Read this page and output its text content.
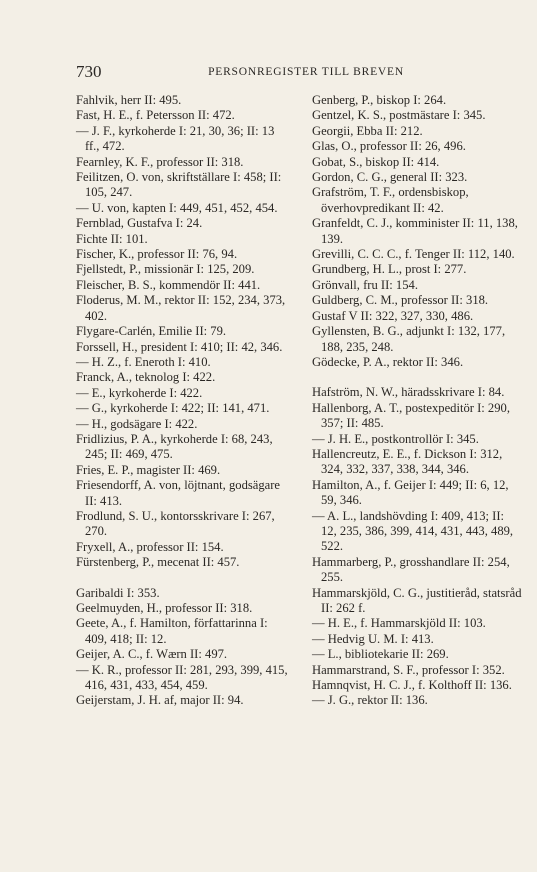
730	PERSONREGISTER TILL BREVEN
Fahlvik, herr II: 495.
Fast, H. E., f. Petersson II: 472.
— J. F., kyrkoherde I: 21, 30, 36; II: 13 ff., 472.
Fearnley, K. F., professor II: 318.
Feilitzen, O. von, skriftställare I: 458; II: 105, 247.
— U. von, kapten I: 449, 451, 452, 454.
Fernblad, Gustafva I: 24.
Fichte II: 101.
Fischer, K., professor II: 76, 94.
Fjellstedt, P., missionär I: 125, 209.
Fleischer, B. S., kommendör II: 441.
Floderus, M. M., rektor II: 152, 234, 373, 402.
Flygare-Carlén, Emilie II: 79.
Forssell, H., president I: 410; II: 42, 346.
— H. Z., f. Eneroth I: 410.
Franck, A., teknolog I: 422.
— E., kyrkoherde I: 422.
— G., kyrkoherde I: 422; II: 141, 471.
— H., godsägare I: 422.
Fridlizius, P. A., kyrkoherde I: 68, 243, 245; II: 469, 475.
Fries, E. P., magister II: 469.
Friesendorff, A. von, löjtnant, godsägare II: 413.
Frodlund, S. U., kontorsskrivare I: 267, 270.
Fryxell, A., professor II: 154.
Fürstenberg, P., mecenat II: 457.
Garibaldi I: 353.
Geelmuyden, H., professor II: 318.
Geete, A., f. Hamilton, författarinna I: 409, 418; II: 12.
Geijer, A. C., f. Wærn II: 497.
— K. R., professor II: 281, 293, 399, 415, 416, 431, 433, 454, 459.
Geijerstam, J. H. af, major II: 94.
Genberg, P., biskop I: 264.
Gentzel, K. S., postmästare I: 345.
Georgii, Ebba II: 212.
Glas, O., professor II: 26, 496.
Gobat, S., biskop II: 414.
Gordon, C. G., general II: 323.
Grafström, T. F., ordensbiskop, överhovpredikant II: 42.
Granfeldt, C. J., komminister II: 11, 138, 139.
Grevilli, C. C. C., f. Tenger II: 112, 140.
Grundberg, H. L., prost I: 277.
Grönvall, fru II: 154.
Guldberg, C. M., professor II: 318.
Gustaf V II: 322, 327, 330, 486.
Gyllensten, B. G., adjunkt I: 132, 177, 188, 235, 248.
Gödecke, P. A., rektor II: 346.
Hafström, N. W., häradsskrivare I: 84.
Hallenborg, A. T., postexpeditör I: 290, 357; II: 485.
— J. H. E., postkontrollör I: 345.
Hallencreutz, E. E., f. Dickson I: 312, 324, 332, 337, 338, 344, 346.
Hamilton, A., f. Geijer I: 449; II: 6, 12, 59, 346.
— A. L., landshövding I: 409, 413; II: 12, 235, 386, 399, 414, 431, 443, 489, 522.
Hammarberg, P., grosshandlare II: 254, 255.
Hammarskjöld, C. G., justitieråd, statsråd II: 262 f.
— H. E., f. Hammarskjöld II: 103.
— Hedvig U. M. I: 413.
— L., bibliotekarie II: 269.
Hammarstrand, S. F., professor I: 352.
Hamnqvist, H. C. J., f. Kolthoff II: 136.
— J. G., rektor II: 136.
